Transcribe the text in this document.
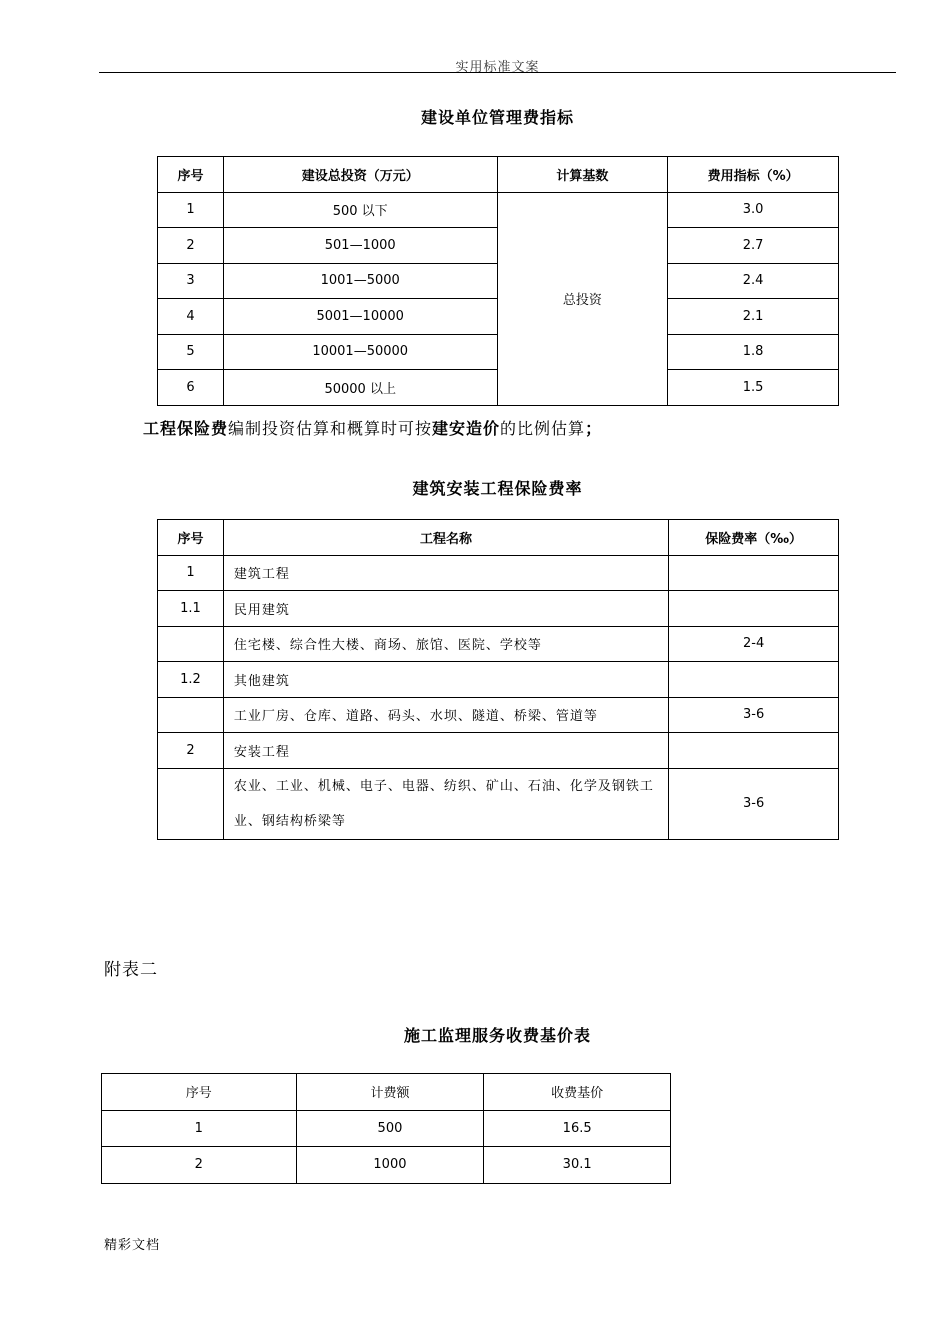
实用标准文案
建设单位管理费指标
序号	建设总投资（万元）	计算基数	费用指标（%）
1	500 以下	总投资	3.0
2	501—1000		2.7
3	1001—5000		2.4
4	5001—10000		2.1
5	10001—50000		1.8
6	50000 以上		1.5
工程保险费编制投资估算和概算时可按建安造价的比例估算；
建筑安装工程保险费率
序号	工程名称	保险费率（‰）
1	建筑工程	
1.1	民用建筑	
	住宅楼、综合性大楼、商场、旅馆、医院、学校等	2-4
1.2	其他建筑	
	工业厂房、仓库、道路、码头、水坝、隧道、桥梁、管道等	3-6
2	安装工程	
	农业、工业、机械、电子、电器、纺织、矿山、石油、化学及钢铁工业、钢结构桥梁等	3-6
附表二
施工监理服务收费基价表
序号	计费额	收费基价
1	500	16.5
2	1000	30.1
精彩文档
